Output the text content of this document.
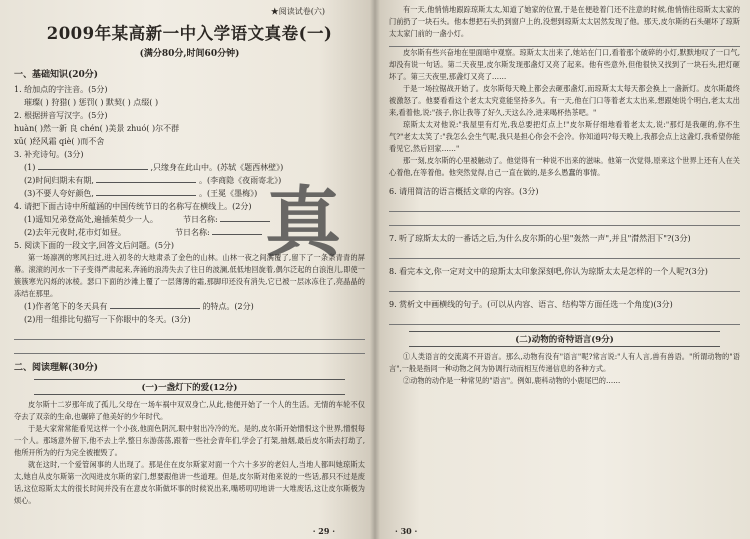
★阅读试卷(六)
2009年某高新一中入学语文真卷(一)
(满分80分,时间60分钟)
一、基础知识(20分)
1. 给加点的字注音。(5分)
璀璨( ) 狩猎( ) 惩罚( ) 默契( ) 点缀( )
2. 根据拼音写汉字。(5分)
huàn( )然一新 良 chén( )美景 zhuó( )尔不群
xū( )经风霜 qiè( )而不舍
3. 补充诗句。(3分)
(1)	,只缘身在此山中。(苏轼《题西林壁》)
(2)时间归期未有期,	。(李商隐《夜雨寄北》)
(3)不要人夸好颜色,	。(王冕《墨梅》)
4. 请把下面古诗中所蕴涵的中国传统节日的名称写在横线上。(2分)
(1)遥知兄弟登高处,遍插茱萸少一人。	节日名称:
(2)去年元夜时,花市灯如昼。	节日名称:
5. 阅读下面的一段文字,回答文后问题。(5分)
第一场凛冽的寒风扫过,进入初冬的大地肃杀了金色的山林。山林一夜之间满覆了,留下了一条条青青的屏幕。滚滚的河水一下子变得严肃起来,奔涌的浪涛失去了往日的波澜,低低地回旋着,偶尔泛起的白浪泡儿,即使一簇簇寒光闪烁的冰棱。瑟口下面的沙滩上覆了一层薄薄的霜,那脚印还没有消失,它已被一层冰冻住了,亮晶晶的冻结在那里。
(1)作者笔下的冬天具有	的特点。(2分)
(2)用一组排比句描写一下你眼中的冬天。(3分)
二、阅读理解(30分)
(一)一盏灯下的爱(12分)
皮尔斯十二岁那年成了孤儿,父母在一场车祸中双双身亡,从此,他便开始了一个人的生活。无情的车轮不仅夺去了双亲的生命,也碾碎了他美好的少年时代。
于是大家常常能看见这样一个小孩,他面色阴沉,眼中射出冷冷的光。是的,皮尔斯开始憎恨这个世界,憎恨每一个人。那场意外留下,他不去上学,整日东游荡荡,跟着一些社会青年们,学会了打架,抽烟,最后皮尔斯去打劫了,他所开所为的行为完全被摧毁了。
就在这时,一个爱管闲事的人出现了。那是住在皮尔斯家对面一个六十多岁的老妇人,当地人都叫她琼斯太太,她自从皮尔斯第一次闯进皮尔斯的家门,想要跟他讲一些道理。但是,皮尔斯对他来说的一些话,都只不过是废话,这位琼斯太太的很长时间并没有在意皮尔斯做坏事的时候说出来,嘴唠叨叨地讲一大堆废话,这让皮尔斯极为烦心。
· 29 ·
有一天,他悄悄地跟踪琼斯太太,知道了她家的位置,于是在便趁着门还不注意的时候,他悄悄往琼斯太太家的门前扔了一块石头。他本想把石头扔到窗户上的,没想到琼斯太太居然发现了他。那天,皮尔斯的石头砸坏了琼斯太太家门前的一盏小灯。
皮尔斯有些兴奋地在里面暗中观察。琼斯太太出来了,她站在门口,看着那个破碎的小灯,默默地叹了一口气,却没有说一句话。第二天夜里,皮尔斯发现那盏灯又亮了起来。他有些意外,但他很快又找到了一块石头,把灯砸坏了。第三天夜里,那盏灯又亮了……
于是一场拉锯战开始了。皮尔斯每天晚上都会去砸那盏灯,而琼斯太太每天都会换上一盏新灯。皮尔斯最终被激怒了。他要看看这个老太太究竟能坚持多久。有一天,他在门口等着老太太出来,想跟她说个明白,老太太出来,看着他,说:"孩子,你让我等了好久,天这么冷,进来喝杯热茶吧。"
琼斯太太对他说:"我屋里有灯光,我总要把灯点上!"皮尔斯仔细地看着老太太,说:"那灯是我砸的,你不生气?"老太太笑了:"我怎么会生气呢,我只是担心你会不会冷。你知道吗?每天晚上,我都会点上这盏灯,我希望你能看见它,然后回家……"
那一刻,皮尔斯的心里被触动了。他觉得有一种说不出来的滋味。他第一次觉得,原来这个世界上还有人在关心着他,在等着他。他突然觉得,自己一直在做的,是多么愚蠢的事情。
6. 请用简洁的语言概括文章的内容。(3分)
7. 听了琼斯太太的一番话之后,为什么皮尔斯的心里"轰然一声",并且"潸然泪下"?(3分)
8. 看完本文,你一定对文中的琼斯太太印象深刻吧,你认为琼斯太太是怎样的一个人呢?(3分)
9. 赏析文中画横线的句子。(可以从内容、语言、结构等方面任选一个角度)(3分)
(二)动物的奇特语言(9分)
①人类语言的交流离不开语言。那么,动物有没有"语言"呢?常言说:"人有人言,兽有兽语。"所谓动物的"语言",一般是指同一种动物之间为协调行动而相互传递信息的各种方式。
②动物的动作是一种常见的"语言"。例如,鹿科动物的小鹿尾巴的……
· 30 ·
真
